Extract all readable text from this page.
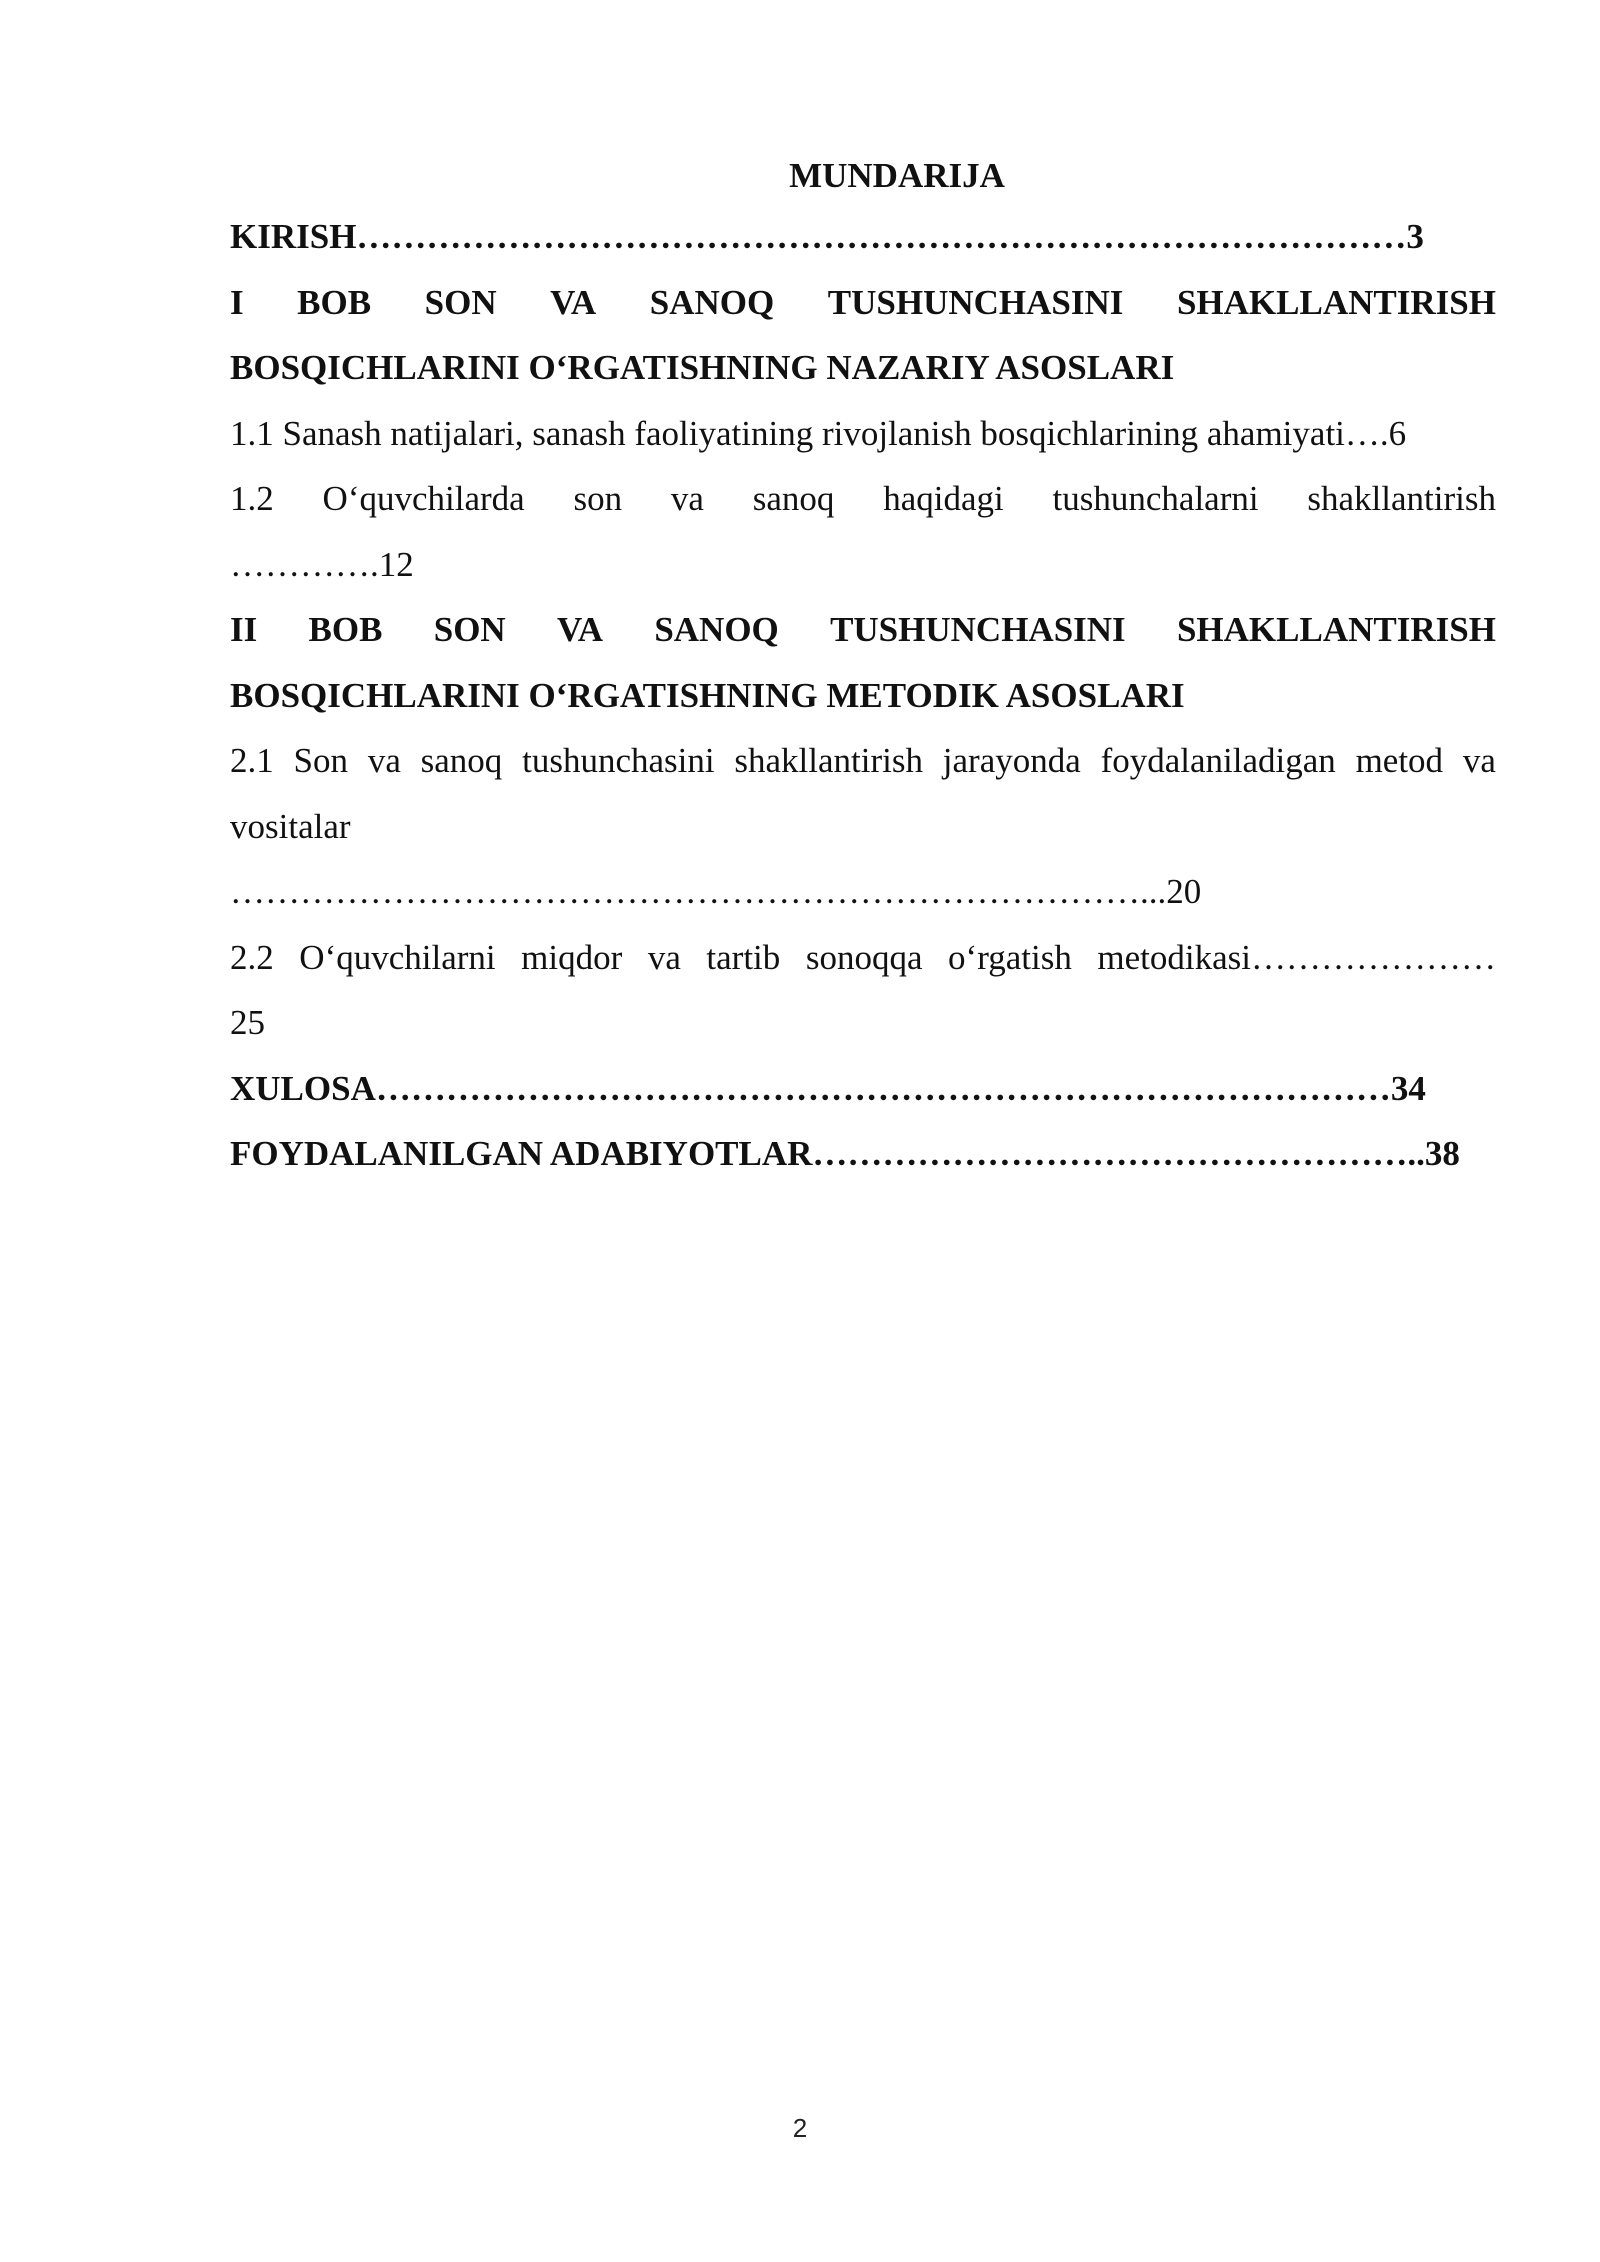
MUNDARIJA

KIRISH………………………………………………………………………………3

I BOB SON VA SANOQ TUSHUNCHASINI SHAKLLANTIRISH

BOSQICHLARINI O‘RGATISHNING NAZARIY ASOSLARI

1.1 Sanash natijalari, sanash faoliyatining rivojlanish bosqichlarining ahamiyati….6

1.2 O‘quvchilarda son va sanoq haqidagi tushunchalarni shakllantirish

………….12

II BOB SON VA SANOQ TUSHUNCHASINI SHAKLLANTIRISH

BOSQICHLARINI O‘RGATISHNING METODIK ASOSLARI

2.1 Son va sanoq tushunchasini shakllantirish jarayonda foydalaniladigan metod va

vositalar

……………………………………………………………………...20

2.2 O‘quvchilarni miqdor va tartib sonoqqa o‘rgatish metodikasi…………………

25

XULOSA……………………………………………………………………………34

FOYDALANILGAN ADABIYOTLAR……………………………………………..38

2
